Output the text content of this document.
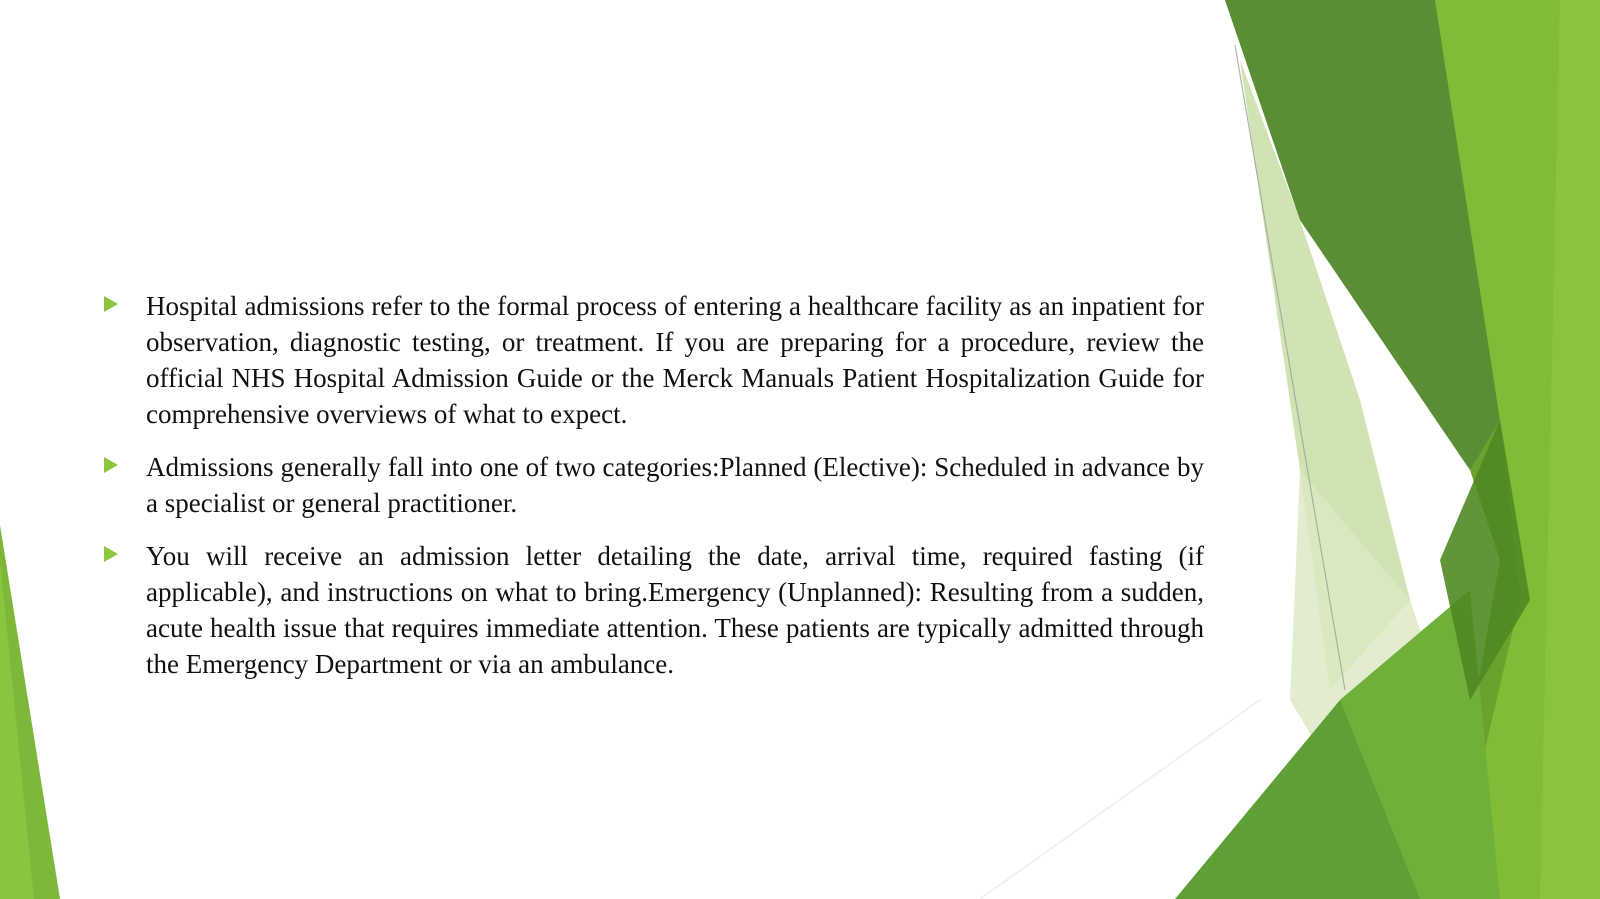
Hospital admissions refer to the formal process of entering a healthcare facility as an inpatient for observation, diagnostic testing, or treatment. If you are preparing for a procedure, review the official NHS Hospital Admission Guide or the Merck Manuals Patient Hospitalization Guide for comprehensive overviews of what to expect.
Admissions generally fall into one of two categories:Planned (Elective): Scheduled in advance by a specialist or general practitioner.
You will receive an admission letter detailing the date, arrival time, required fasting (if applicable), and instructions on what to bring.Emergency (Unplanned): Resulting from a sudden, acute health issue that requires immediate attention. These patients are typically admitted through the Emergency Department or via an ambulance.
